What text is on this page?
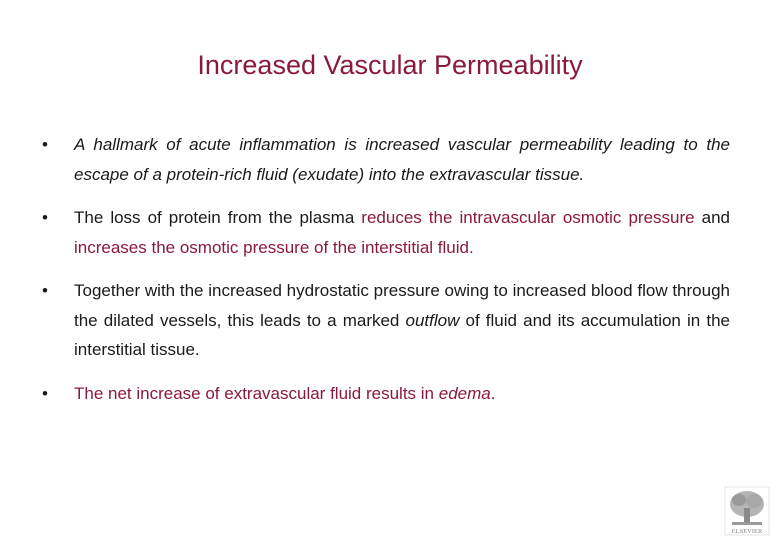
Increased Vascular Permeability
• A hallmark of acute inflammation is increased vascular permeability leading to the escape of a protein-rich fluid (exudate) into the extravascular tissue.
• The loss of protein from the plasma reduces the intravascular osmotic pressure and increases the osmotic pressure of the interstitial fluid.
• Together with the increased hydrostatic pressure owing to increased blood flow through the dilated vessels, this leads to a marked outflow of fluid and its accumulation in the interstitial tissue.
• The net increase of extravascular fluid results in edema.
ELSEVIER
